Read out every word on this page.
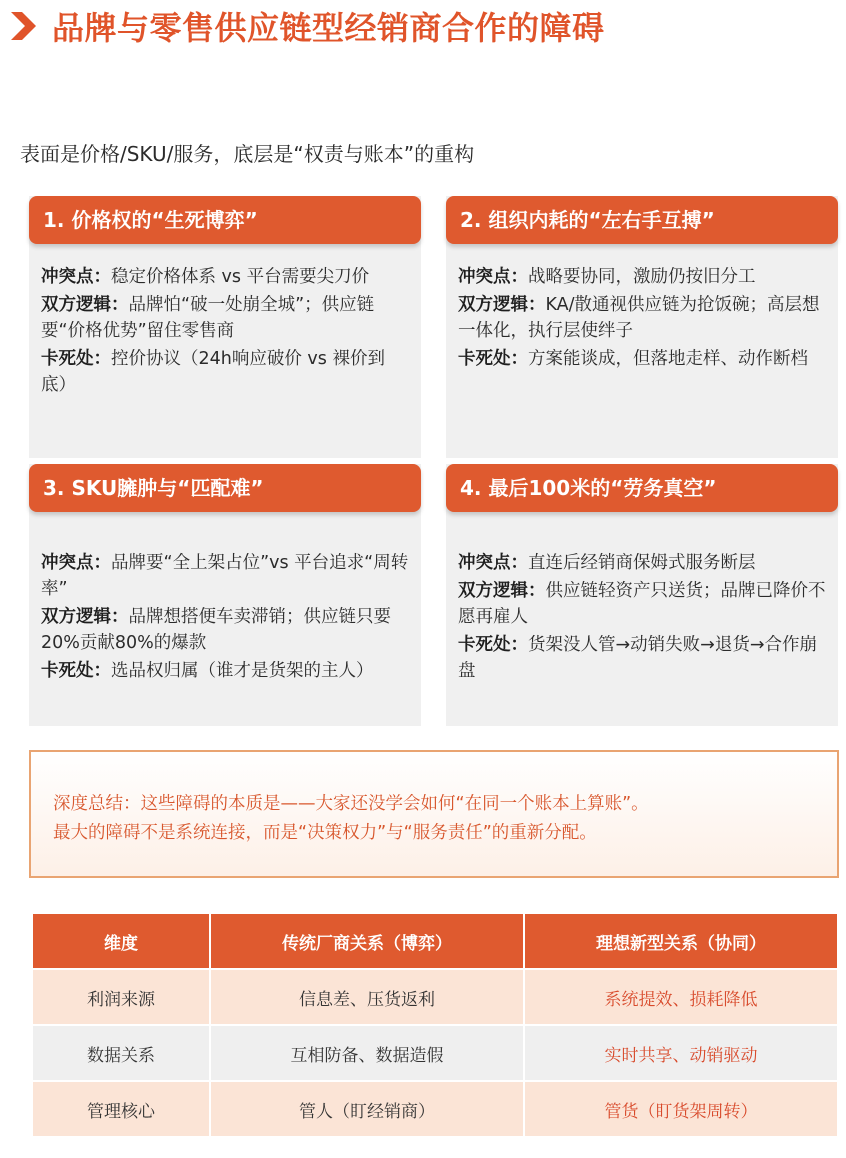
品牌与零售供应链型经销商合作的障碍
表面是价格/SKU/服务，底层是“权责与账本”的重构
1. 价格权的“生死博弈”

冲突点：稳定价格体系 vs 平台需要尖刀价

双方逻辑：品牌怕“破一处崩全城”；供应链要“价格优势”留住零售商

卡死处：控价协议（24h响应破价 vs 裸价到底）

2. 组织内耗的“左右手互搏”

冲突点：战略要协同，激励仍按旧分工

双方逻辑：KA/散通视供应链为抢饭碗；高层想一体化，执行层使绊子

卡死处：方案能谈成，但落地走样、动作断档

3. SKU臃肿与“匹配难”

冲突点：品牌要“全上架占位”vs 平台追求“周转率”

双方逻辑：品牌想搭便车卖滞销；供应链只要20%贡献80%的爆款

卡死处：选品权归属（谁才是货架的主人）

4. 最后100米的“劳务真空”

冲突点：直连后经销商保姆式服务断层

双方逻辑：供应链轻资产只送货；品牌已降价不愿再雇人

卡死处：货架没人管→动销失败→退货→合作崩盘

深度总结：这些障碍的本质是——大家还没学会如何“在同一个账本上算账”。
最大的障碍不是系统连接，而是“决策权力”与“服务责任”的重新分配。
维度	传统厂商关系（博弈）	理想新型关系（协同）
利润来源	信息差、压货返利	系统提效、损耗降低
数据关系	互相防备、数据造假	实时共享、动销驱动
管理核心	管人（盯经销商）	管货（盯货架周转）
